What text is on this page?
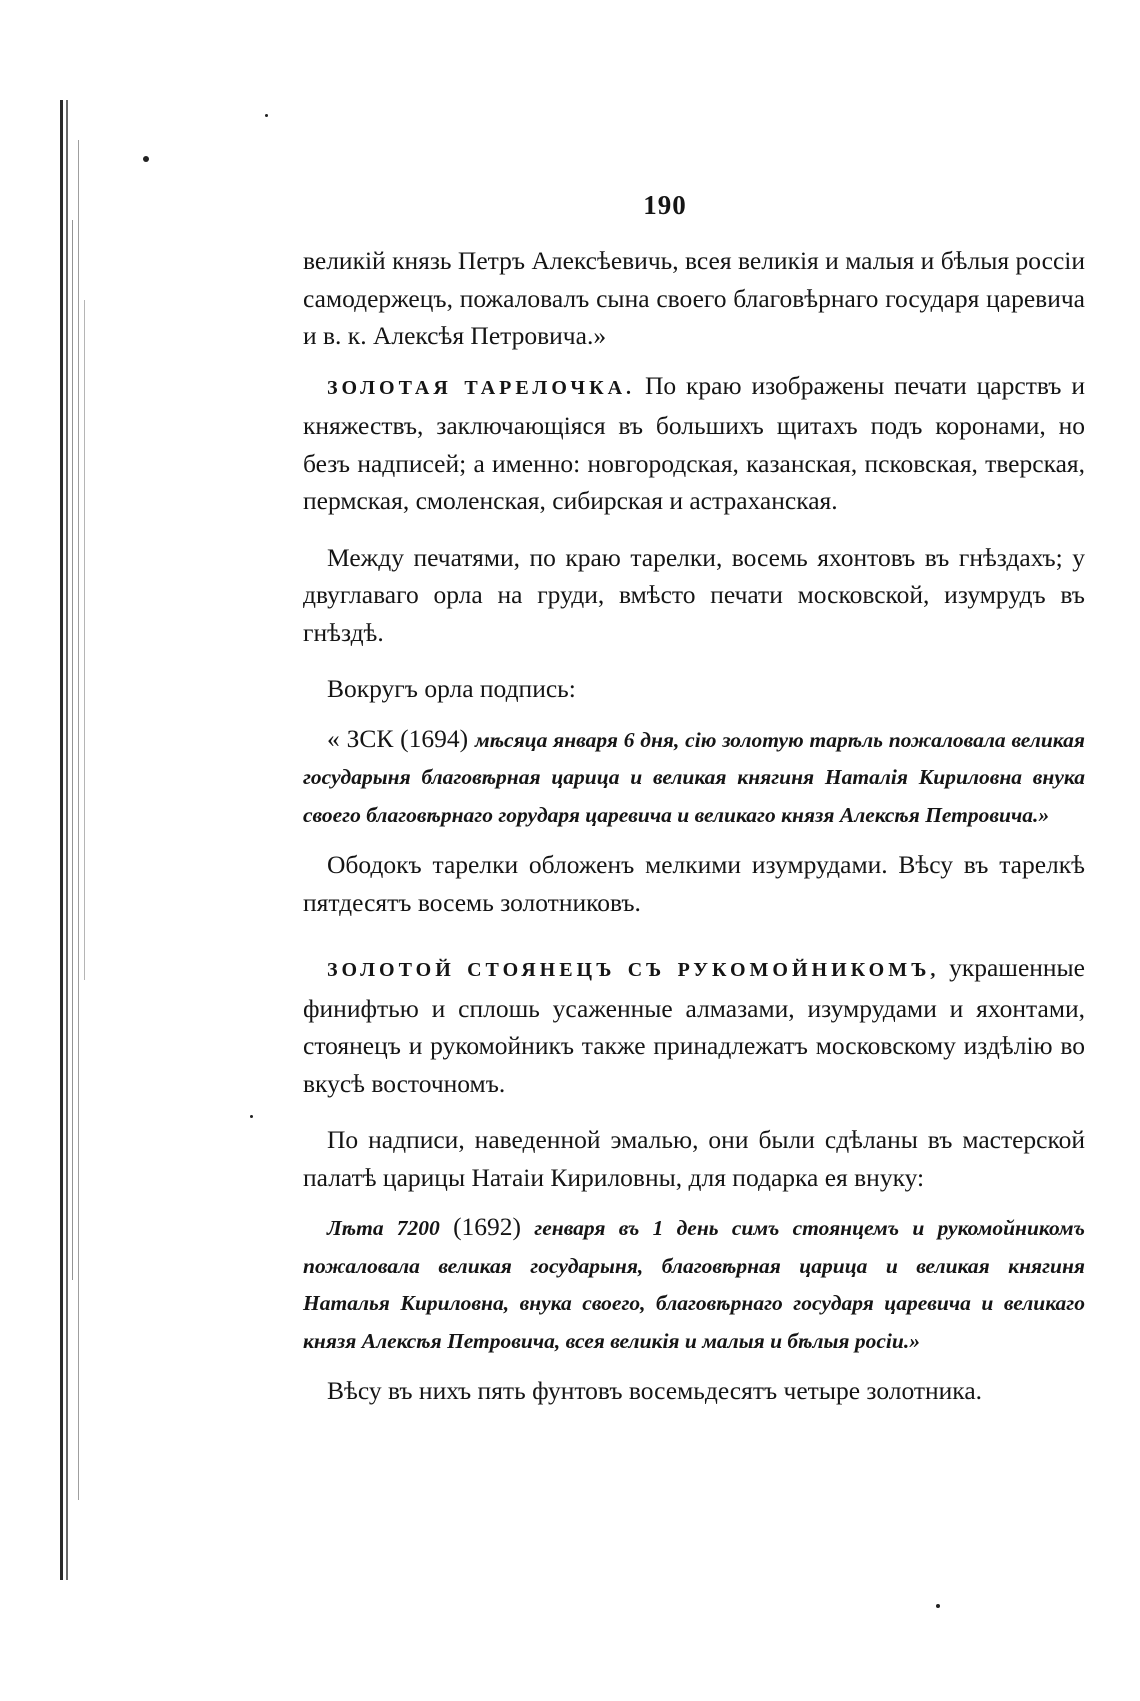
190

великій князь Петръ Алексѣевичь, всея великія и малыя и бѣлыя россіи самодержецъ, пожаловалъ сына своего благовѣрнаго государя царевича и в. к. Алексѣя Петровича.»

ЗОЛОТАЯ ТАРЕЛОЧКА. По краю изображены печати царствъ и княжествъ, заключающіяся въ большихъ щитахъ подъ коронами, но безъ надписей; а именно: новгородская, казанская, псковская, тверская, пермская, смоленская, сибирская и астраханская.

Между печатями, по краю тарелки, восемь яхонтовъ въ гнѣздахъ; у двуглаваго орла на груди, вмѣсто печати московской, изумрудъ въ гнѣздѣ.

Вокругъ орла подпись:

« ЗСК (1694) мѣсяца января 6 дня, сію золотую тарѣль пожаловала великая государыня благовѣрная царица и великая княгиня Наталія Кириловна внука своего благовѣрнаго горударя царевича и великаго князя Алексѣя Петровича.»

Ободокъ тарелки обложенъ мелкими изумрудами. Вѣсу въ тарелкѣ пятдесятъ восемь золотниковъ.

ЗОЛОТОЙ СТОЯНЕЦЪ СЪ РУКОМОЙНИКОМЪ, украшенные финифтью и сплошь усаженные алмазами, изумрудами и яхонтами, стоянецъ и рукомойникъ также принадлежатъ московскому издѣлію во вкусѣ восточномъ.

По надписи, наведенной эмалью, они были сдѣланы въ мастерской палатѣ царицы Натаіи Кириловны, для подарка ея внуку:

Лѣта 7200 (1692) генваря въ 1 день симъ стоянцемъ и рукомойникомъ пожаловала великая государыня, благовѣрная царица и великая княгиня Наталья Кириловна, внука своего, благовѣрнаго государя царевича и великаго князя Алексѣя Петровича, всея великія и малыя и бѣлыя росіи.»

Вѣсу въ нихъ пять фунтовъ восемьдесятъ четыре золотника.
